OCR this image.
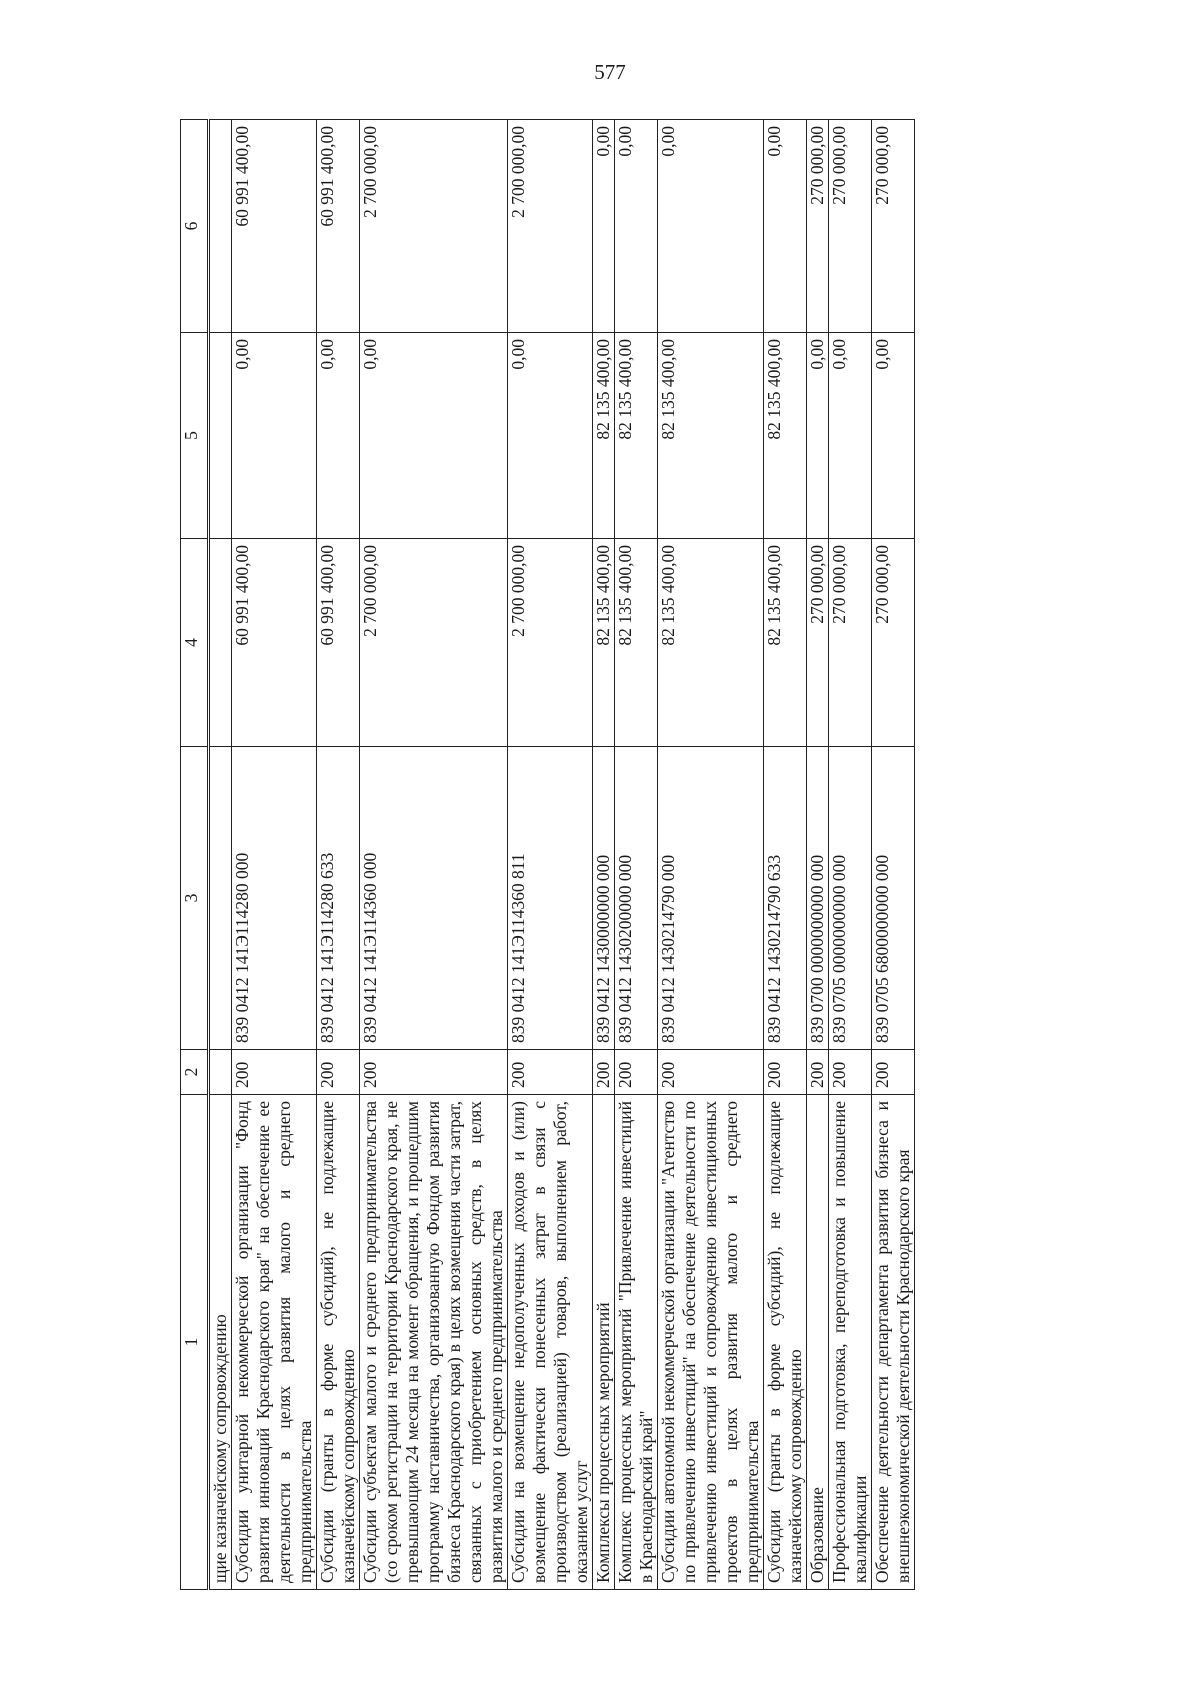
577
1	2	3	4	5	6
щие казначейскому сопровождению					
Субсидии унитарной некоммерческой организации "Фонд развития инноваций Краснодарского края" на обеспечение ее деятельности в целях развития малого и среднего предпринимательства	200	839 0412 141Э114280 000	60 991 400,00	0,00	60 991 400,00
Субсидии (гранты в форме субсидий), не подлежащие казначейскому сопровождению	200	839 0412 141Э114280 633	60 991 400,00	0,00	60 991 400,00
Субсидии субъектам малого и среднего предпринимательства (со сроком регистрации на территории Краснодарского края, не превышающим 24 месяца на момент обращения, и прошедшим программу наставничества, организованную Фондом развития бизнеса Краснодарского края) в целях возмещения части затрат, связанных с приобретением основных средств, в целях развития малого и среднего предпринимательства	200	839 0412 141Э114360 000	2 700 000,00	0,00	2 700 000,00
Субсидии на возмещение недополученных доходов и (или) возмещение фактически понесенных затрат в связи с производством (реализацией) товаров, выполнением работ, оказанием услуг	200	839 0412 141Э114360 811	2 700 000,00	0,00	2 700 000,00
Комплексы процессных мероприятий	200	839 0412 1430000000 000	82 135 400,00	82 135 400,00	0,00
Комплекс процессных мероприятий "Привлечение инвестиций в Краснодарский край"	200	839 0412 1430200000 000	82 135 400,00	82 135 400,00	0,00
Субсидии автономной некоммерческой организации "Агентство по привлечению инвестиций" на обеспечение деятельности по привлечению инвестиций и сопровождению инвестиционных проектов в целях развития малого и среднего предпринимательства	200	839 0412 1430214790 000	82 135 400,00	82 135 400,00	0,00
Субсидии (гранты в форме субсидий), не подлежащие казначейскому сопровождению	200	839 0412 1430214790 633	82 135 400,00	82 135 400,00	0,00
Образование	200	839 0700 0000000000 000	270 000,00	0,00	270 000,00
Профессиональная подготовка, переподготовка и повышение квалификации	200	839 0705 0000000000 000	270 000,00	0,00	270 000,00
Обеспечение деятельности департамента развития бизнеса и внешнеэкономической деятельности Краснодарского края	200	839 0705 6800000000 000	270 000,00	0,00	270 000,00
